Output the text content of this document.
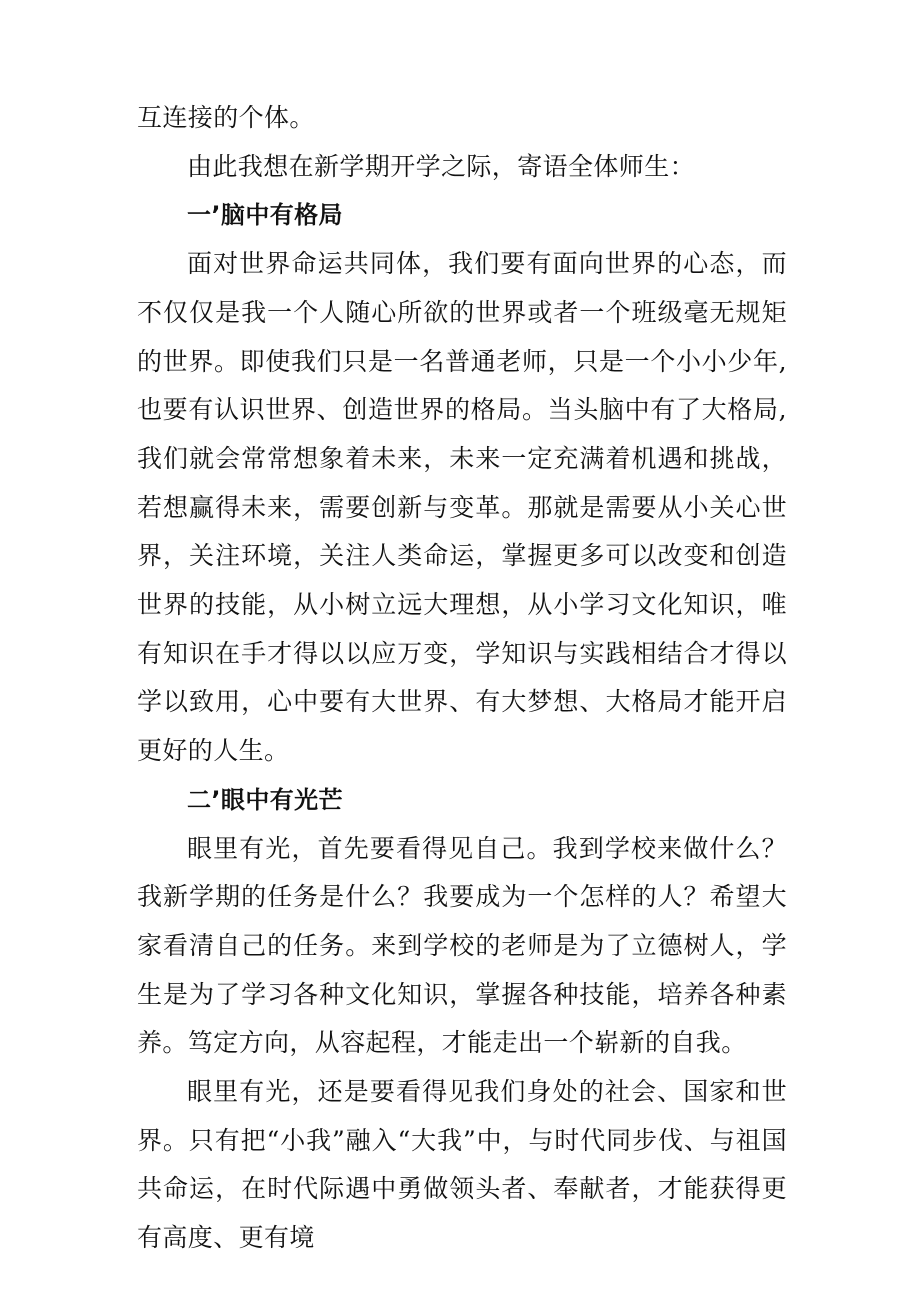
互连接的个体。

由此我想在新学期开学之际，寄语全体师生：

一’脑中有格局

面对世界命运共同体，我们要有面向世界的心态，而不仅仅是我一个人随心所欲的世界或者一个班级毫无规矩的世界。即使我们只是一名普通老师，只是一个小小少年,也要有认识世界、创造世界的格局。当头脑中有了大格局,我们就会常常想象着未来，未来一定充满着机遇和挑战，若想赢得未来，需要创新与变革。那就是需要从小关心世界，关注环境，关注人类命运，掌握更多可以改变和创造世界的技能，从小树立远大理想，从小学习文化知识，唯有知识在手才得以以应万变，学知识与实践相结合才得以学以致用，心中要有大世界、有大梦想、大格局才能开启更好的人生。

二’眼中有光芒

眼里有光，首先要看得见自己。我到学校来做什么？我新学期的任务是什么？我要成为一个怎样的人？希望大家看清自己的任务。来到学校的老师是为了立德树人，学生是为了学习各种文化知识，掌握各种技能，培养各种素养。笃定方向，从容起程，才能走出一个崭新的自我。

眼里有光，还是要看得见我们身处的社会、国家和世界。只有把“小我”融入“大我”中，与时代同步伐、与祖国共命运，在时代际遇中勇做领头者、奉献者，才能获得更有高度、更有境
